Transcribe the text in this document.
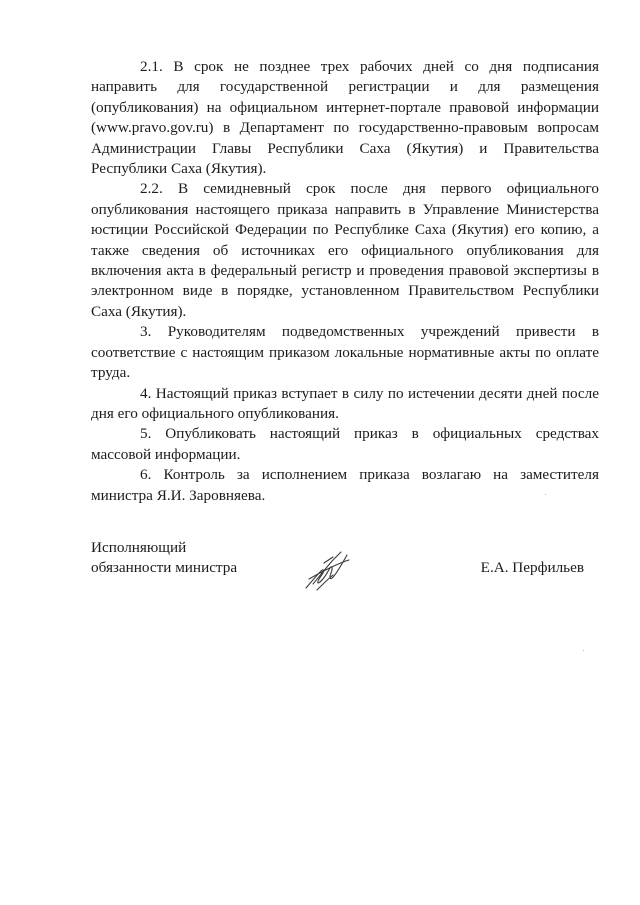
2.1. В срок не позднее трех рабочих дней со дня подписания направить для государственной регистрации и для размещения (опубликования) на официальном интернет-портале правовой информации (www.pravo.gov.ru) в Департамент по государственно-правовым вопросам Администрации Главы Республики Саха (Якутия) и Правительства Республики Саха (Якутия).

2.2. В семидневный срок после дня первого официального опубликования настоящего приказа направить в Управление Министерства юстиции Российской Федерации по Республике Саха (Якутия) его копию, а также сведения об источниках его официального опубликования для включения акта в федеральный регистр и проведения правовой экспертизы в электронном виде в порядке, установленном Правительством Республики Саха (Якутия).

3. Руководителям подведомственных учреждений привести в соответствие с настоящим приказом локальные нормативные акты по оплате труда.

4. Настоящий приказ вступает в силу по истечении десяти дней после дня его официального опубликования.

5. Опубликовать настоящий приказ в официальных средствах массовой информации.

6. Контроль за исполнением приказа возлагаю на заместителя министра Я.И. Заровняева.

Исполняющий
обязанности министра	Е.А. Перфильев
